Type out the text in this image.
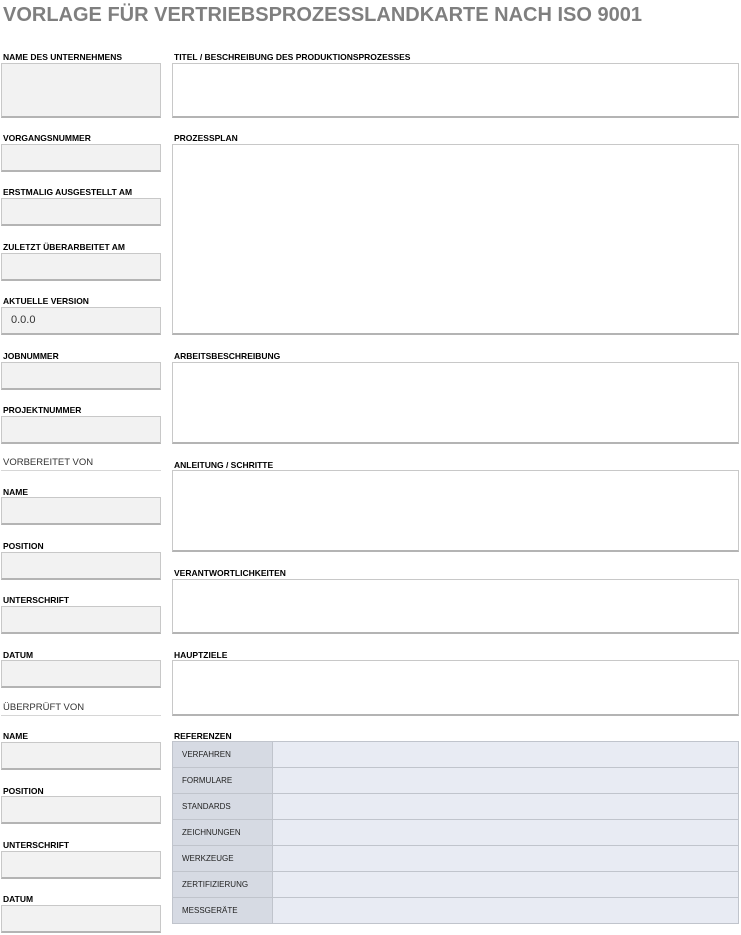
VORLAGE FÜR VERTRIEBSPROZESSLANDKARTE NACH ISO 9001
NAME DES UNTERNEHMENS
VORGANGSNUMMER
ERSTMALIG AUSGESTELLT AM
ZULETZT ÜBERARBEITET AM
AKTUELLE VERSION
0.0.0
JOBNUMMER
PROJEKTNUMMER
VORBEREITET VON
NAME
POSITION
UNTERSCHRIFT
DATUM
ÜBERPRÜFT VON
NAME
POSITION
UNTERSCHRIFT
DATUM
TITEL / BESCHREIBUNG DES PRODUKTIONSPROZESSES
PROZESSPLAN
ARBEITSBESCHREIBUNG
ANLEITUNG / SCHRITTE
VERANTWORTLICHKEITEN
HAUPTZIELE
REFERENZEN
VERFAHREN	
FORMULARE	
STANDARDS	
ZEICHNUNGEN	
WERKZEUGE	
ZERTIFIZIERUNG	
MESSGERÄTE	
